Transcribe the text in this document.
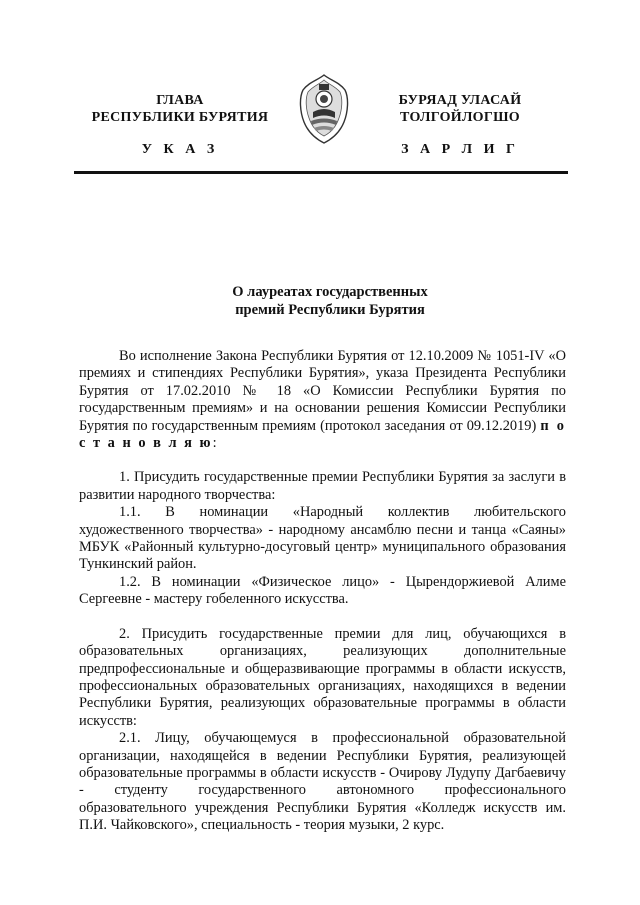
ГЛАВА
РЕСПУБЛИКИ БУРЯТИЯ
БУРЯАД УЛАСАЙ
ТОЛГОЙЛОГШО
У К А З	З А Р Л И Г
О лауреатах государственных
премий Республики Бурятия

Во исполнение Закона Республики Бурятия от 12.10.2009 № 1051-IV «О премиях и стипендиях Республики Бурятия», указа Президента Республики Бурятия от 17.02.2010 № 18 «О Комиссии Республики Бурятия по государственным премиям» и на основании решения Комиссии Республики Бурятия по государственным премиям (протокол заседания от 09.12.2019) п о с т а н о в л я ю:

1. Присудить государственные премии Республики Бурятия за заслуги в развитии народного творчества:

1.1. В номинации «Народный коллектив любительского художественного творчества» - народному ансамблю песни и танца «Саяны» МБУК «Районный культурно-досуговый центр» муниципального образования Тункинский район.

1.2. В номинации «Физическое лицо» - Цырендоржиевой Алиме Сергеевне - мастеру гобеленного искусства.

2. Присудить государственные премии для лиц, обучающихся в образовательных организациях, реализующих дополнительные предпрофессиональные и общеразвивающие программы в области искусств, профессиональных образовательных организациях, находящихся в ведении Республики Бурятия, реализующих образовательные программы в области искусств:

2.1. Лицу, обучающемуся в профессиональной образовательной организации, находящейся в ведении Республики Бурятия, реализующей образовательные программы в области искусств - Очирову Лудупу Дагбаевичу - студенту государственного автономного профессионального образовательного учреждения Республики Бурятия «Колледж искусств им. П.И. Чайковского», специальность - теория музыки, 2 курс.
